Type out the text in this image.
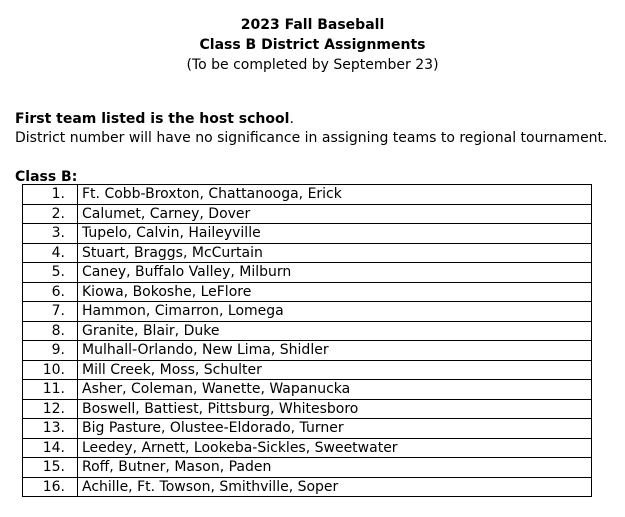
2023 Fall Baseball
Class B District Assignments
(To be completed by September 23)
First team listed is the host school.
District number will have no significance in assigning teams to regional tournament.
Class B:
1.	Ft. Cobb-Broxton, Chattanooga, Erick
2.	Calumet, Carney, Dover
3.	Tupelo, Calvin, Haileyville
4.	Stuart, Braggs, McCurtain
5.	Caney, Buffalo Valley, Milburn
6.	Kiowa, Bokoshe, LeFlore
7.	Hammon, Cimarron, Lomega
8.	Granite, Blair, Duke
9.	Mulhall-Orlando, New Lima, Shidler
10.	Mill Creek, Moss, Schulter
11.	Asher, Coleman, Wanette, Wapanucka
12.	Boswell, Battiest, Pittsburg, Whitesboro
13.	Big Pasture, Olustee-Eldorado, Turner
14.	Leedey, Arnett, Lookeba-Sickles, Sweetwater
15.	Roff, Butner, Mason, Paden
16.	Achille, Ft. Towson, Smithville, Soper
